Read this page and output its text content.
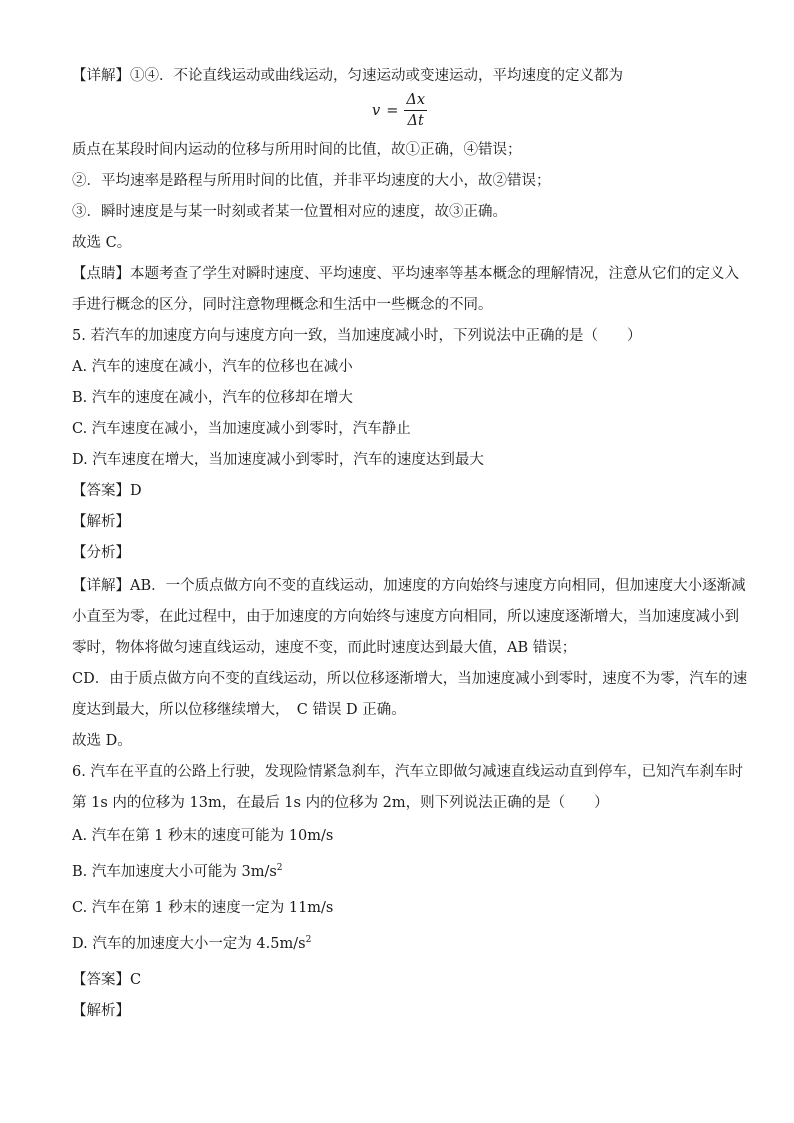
【详解】①④．不论直线运动或曲线运动，匀速运动或变速运动，平均速度的定义都为
$v = \frac{\Delta x}{\Delta t}$
质点在某段时间内运动的位移与所用时间的比值，故①正确，④错误；
②．平均速率是路程与所用时间的比值，并非平均速度的大小，故②错误；
③．瞬时速度是与某一时刻或者某一位置相对应的速度，故③正确。
故选 C。
【点睛】本题考查了学生对瞬时速度、平均速度、平均速率等基本概念的理解情况，注意从它们的定义入
手进行概念的区分，同时注意物理概念和生活中一些概念的不同。
5. 若汽车的加速度方向与速度方向一致，当加速度减小时，下列说法中正确的是（　　）
A. 汽车的速度在减小，汽车的位移也在减小
B. 汽车的速度在减小，汽车的位移却在增大
C. 汽车速度在减小，当加速度减小到零时，汽车静止
D. 汽车速度在增大，当加速度减小到零时，汽车的速度达到最大
【答案】D
【解析】
【分析】
【详解】AB．一个质点做方向不变的直线运动，加速度的方向始终与速度方向相同，但加速度大小逐渐减
小直至为零，在此过程中，由于加速度的方向始终与速度方向相同，所以速度逐渐增大，当加速度减小到
零时，物体将做匀速直线运动，速度不变，而此时速度达到最大值，AB 错误；
CD．由于质点做方向不变的直线运动，所以位移逐渐增大，当加速度减小到零时，速度不为零，汽车的速
度达到最大，所以位移继续增大，　C 错误 D 正确。
故选 D。
6. 汽车在平直的公路上行驶，发现险情紧急刹车，汽车立即做匀减速直线运动直到停车，已知汽车刹车时
第 1s 内的位移为 13m，在最后 1s 内的位移为 2m，则下列说法正确的是（　　）
A. 汽车在第 1 秒末的速度可能为 10m/s
B. 汽车加速度大小可能为 $3m/s^2$
C. 汽车在第 1 秒末的速度一定为 11m/s
D. 汽车的加速度大小一定为 $4.5m/s^2$
【答案】C
【解析】
